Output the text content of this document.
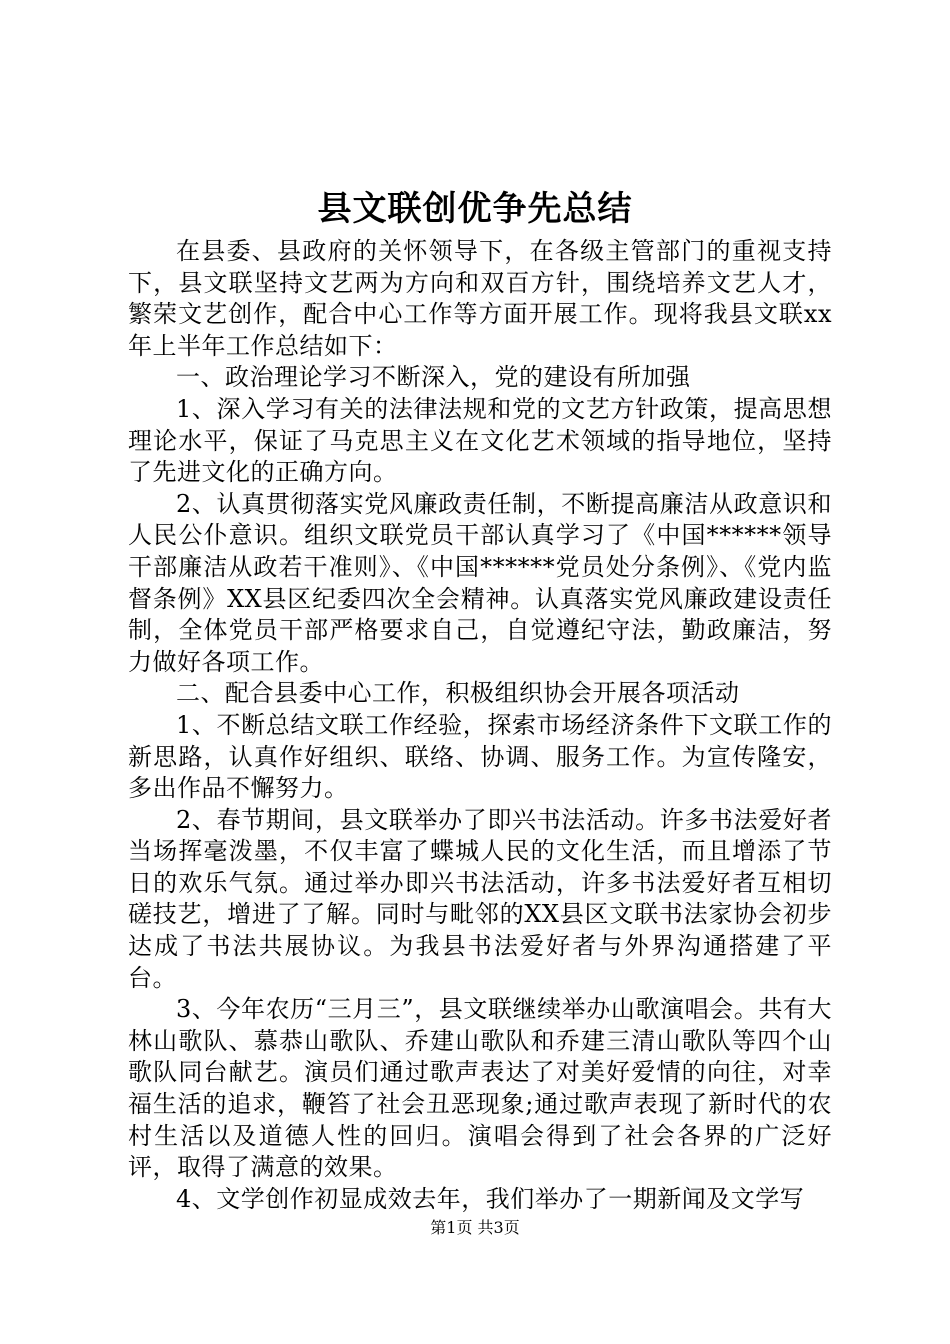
县文联创优争先总结

在县委、县政府的关怀领导下，在各级主管部门的重视支持下，县文联坚持文艺两为方向和双百方针，围绕培养文艺人才，繁荣文艺创作，配合中心工作等方面开展工作。现将我县文联xx年上半年工作总结如下：

一、政治理论学习不断深入，党的建设有所加强

1、深入学习有关的法律法规和党的文艺方针政策，提高思想理论水平，保证了马克思主义在文化艺术领域的指导地位，坚持了先进文化的正确方向。

2、认真贯彻落实党风廉政责任制，不断提高廉洁从政意识和人民公仆意识。组织文联党员干部认真学习了《中国******领导干部廉洁从政若干准则》、《中国******党员处分条例》、《党内监督条例》XX县区纪委四次全会精神。认真落实党风廉政建设责任制，全体党员干部严格要求自己，自觉遵纪守法，勤政廉洁，努力做好各项工作。

二、配合县委中心工作，积极组织协会开展各项活动

1、不断总结文联工作经验，探索市场经济条件下文联工作的新思路，认真作好组织、联络、协调、服务工作。为宣传隆安，多出作品不懈努力。

2、春节期间，县文联举办了即兴书法活动。许多书法爱好者当场挥毫泼墨，不仅丰富了蝶城人民的文化生活，而且增添了节日的欢乐气氛。通过举办即兴书法活动，许多书法爱好者互相切磋技艺，增进了了解。同时与毗邻的XX县区文联书法家协会初步达成了书法共展协议。为我县书法爱好者与外界沟通搭建了平台。

3、今年农历“三月三”，县文联继续举办山歌演唱会。共有大林山歌队、慕恭山歌队、乔建山歌队和乔建三清山歌队等四个山歌队同台献艺。演员们通过歌声表达了对美好爱情的向往，对幸福生活的追求，鞭笞了社会丑恶现象;通过歌声表现了新时代的农村生活以及道德人性的回归。演唱会得到了社会各界的广泛好评，取得了满意的效果。

4、文学创作初显成效去年，我们举办了一期新闻及文学写

第1页 共3页
